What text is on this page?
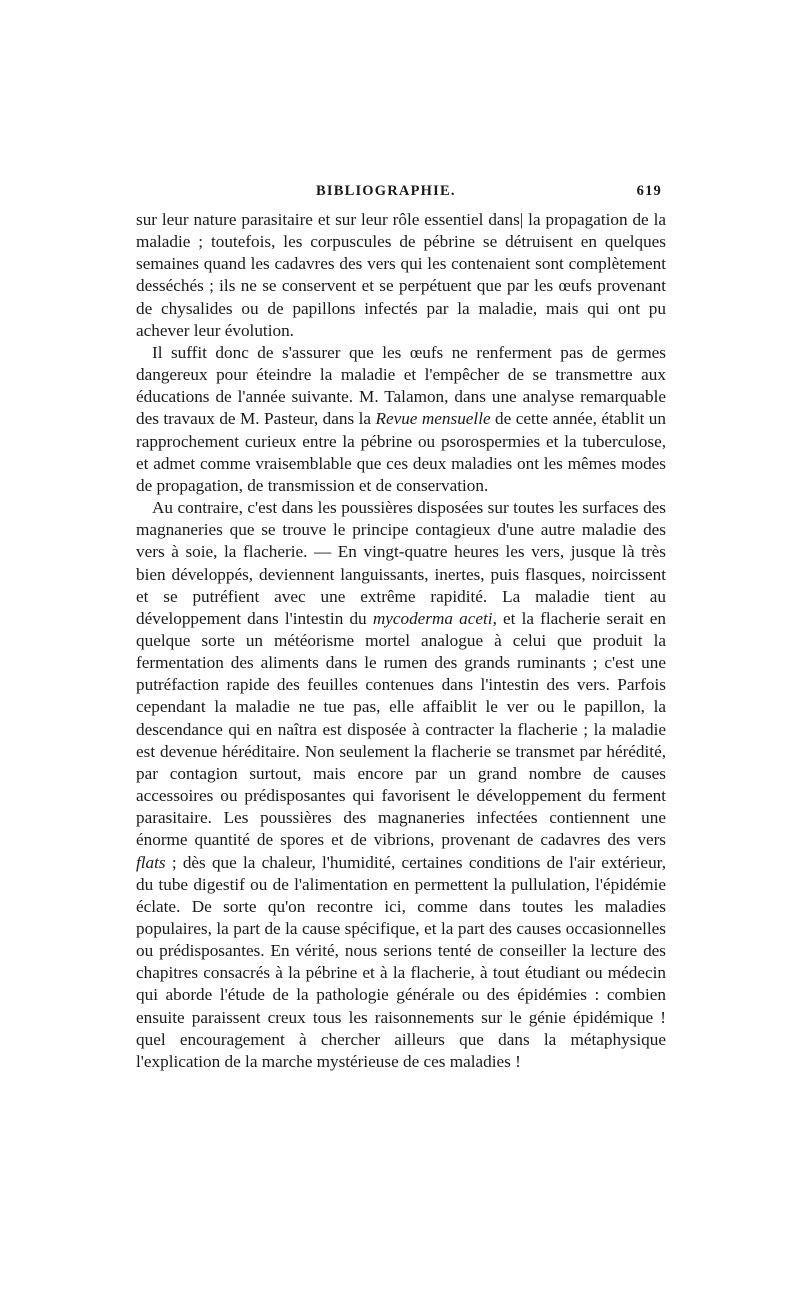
BIBLIOGRAPHIE.	619

sur leur nature parasitaire et sur leur rôle essentiel dans| la propagation de la maladie ; toutefois, les corpuscules de pébrine se détruisent en quelques semaines quand les cadavres des vers qui les contenaient sont complètement desséchés ; ils ne se conservent et se perpétuent que par les œufs provenant de chysalides ou de papillons infectés par la maladie, mais qui ont pu achever leur évolution.

Il suffit donc de s'assurer que les œufs ne renferment pas de germes dangereux pour éteindre la maladie et l'empêcher de se transmettre aux éducations de l'année suivante. M. Talamon, dans une analyse remarquable des travaux de M. Pasteur, dans la Revue mensuelle de cette année, établit un rapprochement curieux entre la pébrine ou psorospermies et la tuberculose, et admet comme vraisemblable que ces deux maladies ont les mêmes modes de propagation, de transmission et de conservation.

Au contraire, c'est dans les poussières disposées sur toutes les surfaces des magnaneries que se trouve le principe contagieux d'une autre maladie des vers à soie, la flacherie. — En vingt-quatre heures les vers, jusque là très bien développés, deviennent languissants, inertes, puis flasques, noircissent et se putréfient avec une extrême rapidité. La maladie tient au développement dans l'intestin du mycoderma aceti, et la flacherie serait en quelque sorte un météorisme mortel analogue à celui que produit la fermentation des aliments dans le rumen des grands ruminants ; c'est une putréfaction rapide des feuilles contenues dans l'intestin des vers. Parfois cependant la maladie ne tue pas, elle affaiblit le ver ou le papillon, la descendance qui en naîtra est disposée à contracter la flacherie ; la maladie est devenue héréditaire. Non seulement la flacherie se transmet par hérédité, par contagion surtout, mais encore par un grand nombre de causes accessoires ou prédisposantes qui favorisent le développement du ferment parasitaire. Les poussières des magnaneries infectées contiennent une énorme quantité de spores et de vibrions, provenant de cadavres des vers flats ; dès que la chaleur, l'humidité, certaines conditions de l'air extérieur, du tube digestif ou de l'alimentation en permettent la pullulation, l'épidémie éclate. De sorte qu'on recontre ici, comme dans toutes les maladies populaires, la part de la cause spécifique, et la part des causes occasionnelles ou prédisposantes. En vérité, nous serions tenté de conseiller la lecture des chapitres consacrés à la pébrine et à la flacherie, à tout étudiant ou médecin qui aborde l'étude de la pathologie générale ou des épidémies : combien ensuite paraissent creux tous les raisonnements sur le génie épidémique ! quel encouragement à chercher ailleurs que dans la métaphysique l'explication de la marche mystérieuse de ces maladies !
